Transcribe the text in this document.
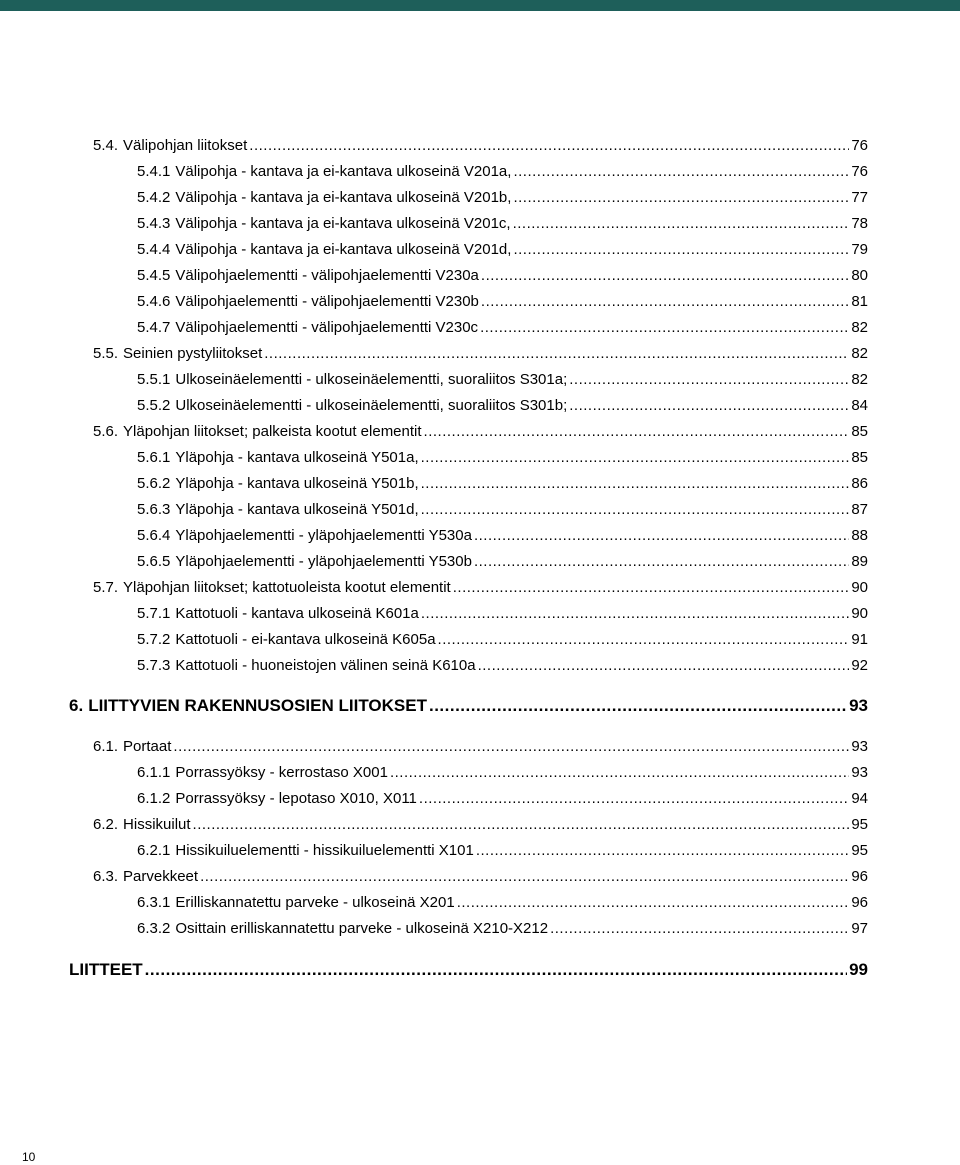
5.4. Välipohjan liitokset .....	76
5.4.1 Välipohja - kantava ja ei-kantava ulkoseinä V201a, .....	76
5.4.2 Välipohja - kantava ja ei-kantava ulkoseinä V201b, .....	77
5.4.3 Välipohja - kantava ja ei-kantava ulkoseinä V201c, .....	78
5.4.4 Välipohja - kantava ja ei-kantava ulkoseinä V201d, .....	79
5.4.5 Välipohjaelementti - välipohjaelementti V230a .....	80
5.4.6 Välipohjaelementti - välipohjaelementti V230b .....	81
5.4.7 Välipohjaelementti - välipohjaelementti V230c .....	82
5.5. Seinien pystyliitokset .....	82
5.5.1 Ulkoseinäelementti - ulkoseinäelementti, suoraliitos S301a; .....	82
5.5.2 Ulkoseinäelementti - ulkoseinäelementti, suoraliitos S301b; .....	84
5.6. Yläpohjan liitokset; palkeista kootut elementit .....	85
5.6.1 Yläpohja - kantava ulkoseinä Y501a, .....	85
5.6.2 Yläpohja - kantava ulkoseinä Y501b, .....	86
5.6.3 Yläpohja - kantava ulkoseinä Y501d, .....	87
5.6.4 Yläpohjaelementti - yläpohjaelementti Y530a .....	88
5.6.5 Yläpohjaelementti - yläpohjaelementti Y530b .....	89
5.7. Yläpohjan liitokset; kattotuoleista kootut elementit .....	90
5.7.1 Kattotuoli - kantava ulkoseinä K601a .....	90
5.7.2 Kattotuoli - ei-kantava ulkoseinä K605a .....	91
5.7.3 Kattotuoli - huoneistojen välinen seinä K610a .....	92
6. LIITTYVIEN RAKENNUSOSIEN LIITOKSET .....	93
6.1. Portaat .....	93
6.1.1 Porrassyöksy - kerrostaso X001 .....	93
6.1.2 Porrassyöksy - lepotaso X010, X011 .....	94
6.2. Hissikuilut .....	95
6.2.1 Hissikuiluelementti - hissikuiluelementti X101 .....	95
6.3. Parvekkeet .....	96
6.3.1 Erilliskannatettu parveke - ulkoseinä X201 .....	96
6.3.2 Osittain erilliskannatettu parveke - ulkoseinä X210-X212 .....	97
LIITTEET .....	99
10
